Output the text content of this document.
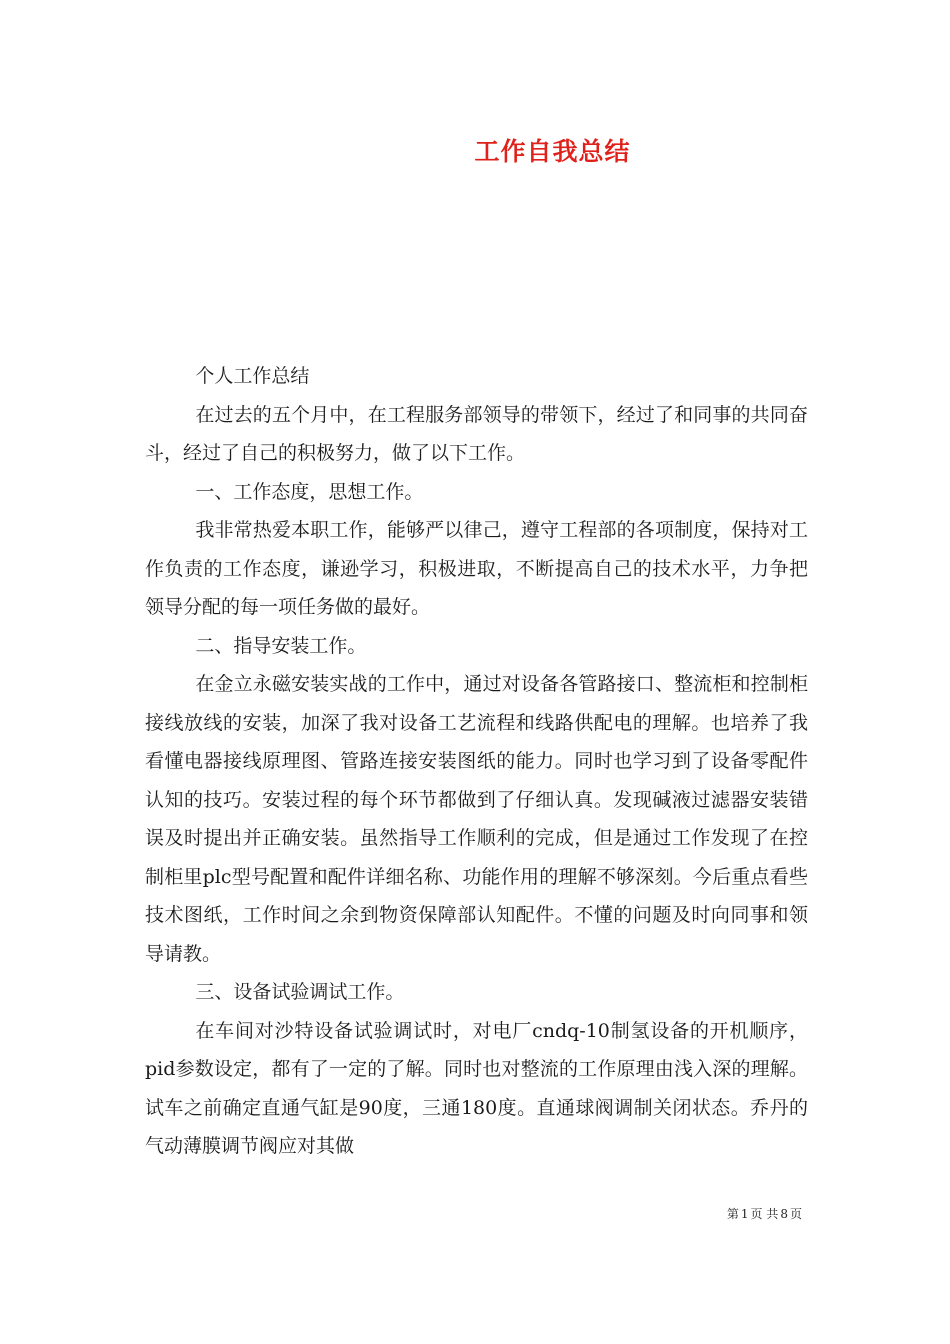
工作自我总结

个人工作总结

在过去的五个月中，在工程服务部领导的带领下，经过了和同事的共同奋斗，经过了自己的积极努力，做了以下工作。

一、工作态度，思想工作。

我非常热爱本职工作，能够严以律己，遵守工程部的各项制度，保持对工作负责的工作态度，谦逊学习，积极进取，不断提高自己的技术水平，力争把领导分配的每一项任务做的最好。

二、指导安装工作。

在金立永磁安装实战的工作中，通过对设备各管路接口、整流柜和控制柜接线放线的安装，加深了我对设备工艺流程和线路供配电的理解。也培养了我看懂电器接线原理图、管路连接安装图纸的能力。同时也学习到了设备零配件认知的技巧。安装过程的每个环节都做到了仔细认真。发现碱液过滤器安装错误及时提出并正确安装。虽然指导工作顺利的完成，但是通过工作发现了在控制柜里plc型号配置和配件详细名称、功能作用的理解不够深刻。今后重点看些技术图纸，工作时间之余到物资保障部认知配件。不懂的问题及时向同事和领导请教。

三、设备试验调试工作。

在车间对沙特设备试验调试时，对电厂cndq-10制氢设备的开机顺序，pid参数设定，都有了一定的了解。同时也对整流的工作原理由浅入深的理解。试车之前确定直通气缸是90度，三通180度。直通球阀调制关闭状态。乔丹的气动薄膜调节阀应对其做

第 1 页 共 8 页
